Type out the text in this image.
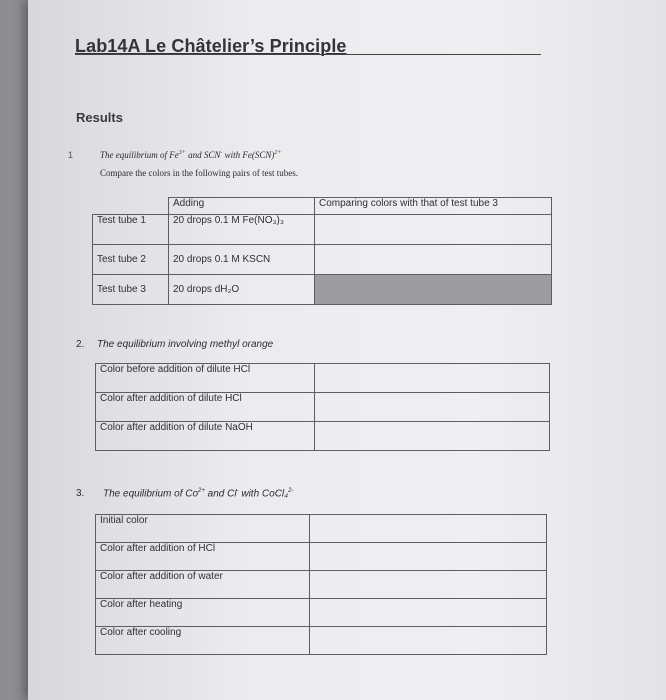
Lab14A Le Châtelier’s Principle
Results
1	The equilibrium of $Fe^{3+}$ and SCN- with Fe(SCN)$^{2+}$
Compare the colors in the following pairs of test tubes.
	Adding	Comparing colors with that of test tube 3
Test tube 1	20 drops 0.1 M Fe(NO₃)₃	
Test tube 2	20 drops 0.1 M KSCN	
Test tube 3	20 drops dH₂O	
2. The equilibrium involving methyl orange
Color before addition of dilute HCl	
Color after addition of dilute HCl	
Color after addition of dilute NaOH	
3. The equilibrium of $Co^{2+}$ and Cl- with CoCl₄$^{2-}$
Initial color	
Color after addition of HCl	
Color after addition of water	
Color after heating	
Color after cooling	
